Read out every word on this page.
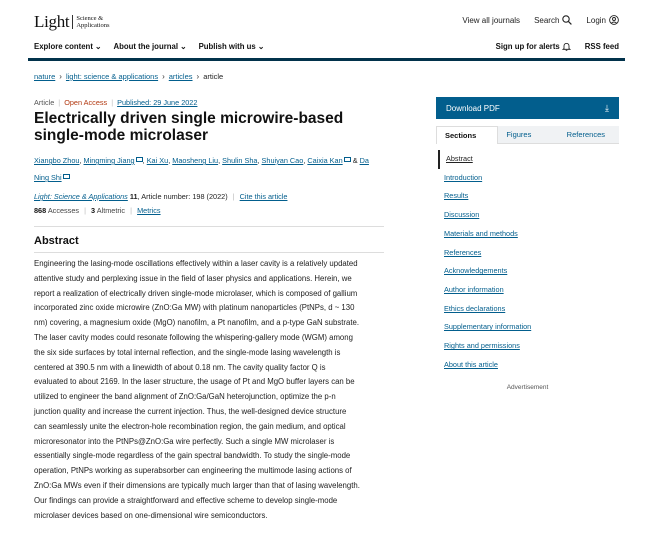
Light	Science &
Applications
View all journals Search	Login
Explore content ⌄ About the journal ⌄ Publish with us ⌄	Sign up for alerts	RSS feed
nature › light: science & applications › articles › article
Article | Open Access | Published: 29 June 2022
Electrically driven single microwire-based single-mode microlaser
Xiangbo Zhou, Mingming Jiang , Kai Xu, Maosheng Liu, Shulin Sha, Shuiyan Cao, Caixia Kan & Da Ning Shi
Light: Science & Applications 11, Article number: 198 (2022) | Cite this article
868 Accesses | 3 Altmetric | Metrics
Abstract

Engineering the lasing-mode oscillations effectively within a laser cavity is a relatively updated

attentive study and perplexing issue in the field of laser physics and applications. Herein, we

report a realization of electrically driven single-mode microlaser, which is composed of gallium

incorporated zinc oxide microwire (ZnO:Ga MW) with platinum nanoparticles (PtNPs, d ~ 130

nm) covering, a magnesium oxide (MgO) nanofilm, a Pt nanofilm, and a p-type GaN substrate.

The laser cavity modes could resonate following the whispering-gallery mode (WGM) among

the six side surfaces by total internal reflection, and the single-mode lasing wavelength is

centered at 390.5 nm with a linewidth of about 0.18 nm. The cavity quality factor Q is

evaluated to about 2169. In the laser structure, the usage of Pt and MgO buffer layers can be

utilized to engineer the band alignment of ZnO:Ga/GaN heterojunction, optimize the p-n

junction quality and increase the current injection. Thus, the well-designed device structure

can seamlessly unite the electron-hole recombination region, the gain medium, and optical

microresonator into the PtNPs@ZnO:Ga wire perfectly. Such a single MW microlaser is

essentially single-mode regardless of the gain spectral bandwidth. To study the single-mode

operation, PtNPs working as superabsorber can engineering the multimode lasing actions of

ZnO:Ga MWs even if their dimensions are typically much larger than that of lasing wavelength.

Our findings can provide a straightforward and effective scheme to develop single-mode

microlaser devices based on one-dimensional wire semiconductors.

Download PDF	⤓
Sections	Figures	References
Abstract
Introduction
Results
Discussion
Materials and methods
References
Acknowledgements
Author information
Ethics declarations
Supplementary information
Rights and permissions
About this article
Advertisement
